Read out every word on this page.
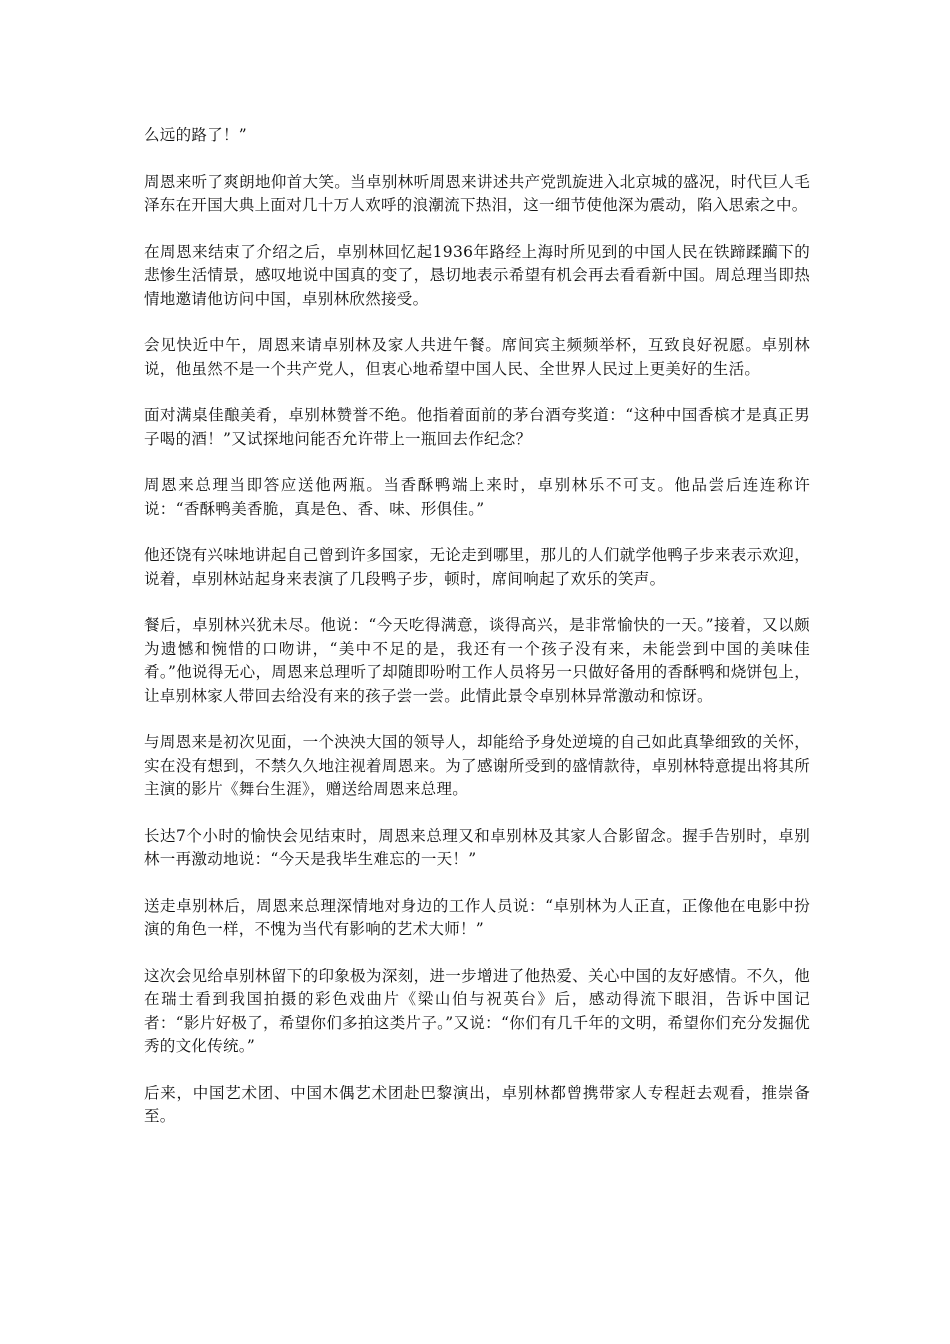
么远的路了！”

周恩来听了爽朗地仰首大笑。当卓别林听周恩来讲述共产党凯旋进入北京城的盛况，时代巨人毛泽东在开国大典上面对几十万人欢呼的浪潮流下热泪，这一细节使他深为震动，陷入思索之中。

在周恩来结束了介绍之后，卓别林回忆起1936年路经上海时所见到的中国人民在铁蹄蹂躏下的悲惨生活情景，感叹地说中国真的变了，恳切地表示希望有机会再去看看新中国。周总理当即热情地邀请他访问中国，卓别林欣然接受。

会见快近中午，周恩来请卓别林及家人共进午餐。席间宾主频频举杯，互致良好祝愿。卓别林说，他虽然不是一个共产党人，但衷心地希望中国人民、全世界人民过上更美好的生活。

面对满桌佳酿美肴，卓别林赞誉不绝。他指着面前的茅台酒夸奖道：“这种中国香槟才是真正男子喝的酒！”又试探地问能否允许带上一瓶回去作纪念？

周恩来总理当即答应送他两瓶。当香酥鸭端上来时，卓别林乐不可支。他品尝后连连称许说：“香酥鸭美香脆，真是色、香、味、形俱佳。”

他还饶有兴味地讲起自己曾到许多国家，无论走到哪里，那儿的人们就学他鸭子步来表示欢迎，说着，卓别林站起身来表演了几段鸭子步，顿时，席间响起了欢乐的笑声。

餐后，卓别林兴犹未尽。他说：“今天吃得满意，谈得高兴，是非常愉快的一天。”接着，又以颇为遗憾和惋惜的口吻讲，“美中不足的是，我还有一个孩子没有来，未能尝到中国的美味佳肴。”他说得无心，周恩来总理听了却随即吩咐工作人员将另一只做好备用的香酥鸭和烧饼包上，让卓别林家人带回去给没有来的孩子尝一尝。此情此景令卓别林异常激动和惊讶。

与周恩来是初次见面，一个泱泱大国的领导人，却能给予身处逆境的自己如此真挚细致的关怀，实在没有想到，不禁久久地注视着周恩来。为了感谢所受到的盛情款待，卓别林特意提出将其所主演的影片《舞台生涯》，赠送给周恩来总理。

长达7个小时的愉快会见结束时，周恩来总理又和卓别林及其家人合影留念。握手告别时，卓别林一再激动地说：“今天是我毕生难忘的一天！”

送走卓别林后，周恩来总理深情地对身边的工作人员说：“卓别林为人正直，正像他在电影中扮演的角色一样，不愧为当代有影响的艺术大师！”

这次会见给卓别林留下的印象极为深刻，进一步增进了他热爱、关心中国的友好感情。不久，他在瑞士看到我国拍摄的彩色戏曲片《梁山伯与祝英台》后，感动得流下眼泪，告诉中国记者：“影片好极了，希望你们多拍这类片子。”又说：“你们有几千年的文明，希望你们充分发掘优秀的文化传统。”

后来，中国艺术团、中国木偶艺术团赴巴黎演出，卓别林都曾携带家人专程赶去观看，推崇备至。
